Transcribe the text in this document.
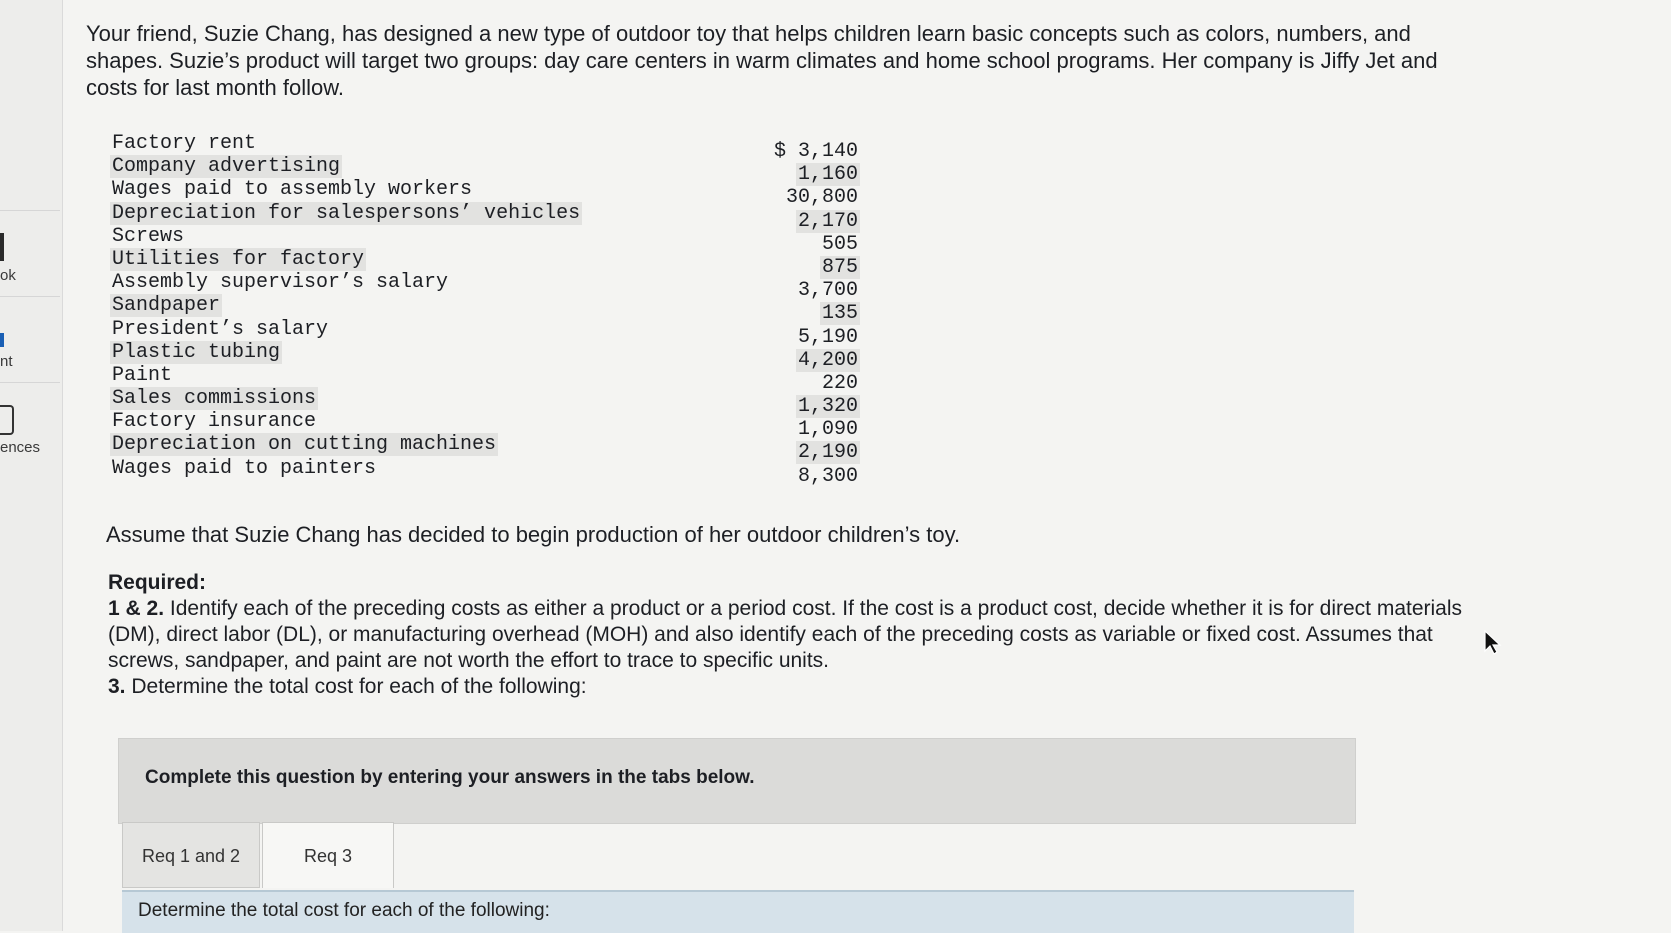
ok
nt
ences

Your friend, Suzie Chang, has designed a new type of outdoor toy that helps children learn basic concepts such as colors, numbers, and shapes. Suzie’s product will target two groups: day care centers in warm climates and home school programs. Her company is Jiffy Jet and costs for last month follow.

Factory rent	$ 3,140
Company advertising	1,160
Wages paid to assembly workers	30,800
Depreciation for salespersons’ vehicles	2,170
Screws	505
Utilities for factory	875
Assembly supervisor’s salary	3,700
Sandpaper	135
President’s salary	5,190
Plastic tubing	4,200
Paint	220
Sales commissions	1,320
Factory insurance	1,090
Depreciation on cutting machines	2,190
Wages paid to painters	8,300

Assume that Suzie Chang has decided to begin production of her outdoor children’s toy.

Required:

1 & 2. Identify each of the preceding costs as either a product or a period cost. If the cost is a product cost, decide whether it is for direct materials (DM), direct labor (DL), or manufacturing overhead (MOH) and also identify each of the preceding costs as variable or fixed cost. Assumes that screws, sandpaper, and paint are not worth the effort to trace to specific units.

3. Determine the total cost for each of the following:

Complete this question by entering your answers in the tabs below.
Req 1 and 2	Req 3
Determine the total cost for each of the following:
